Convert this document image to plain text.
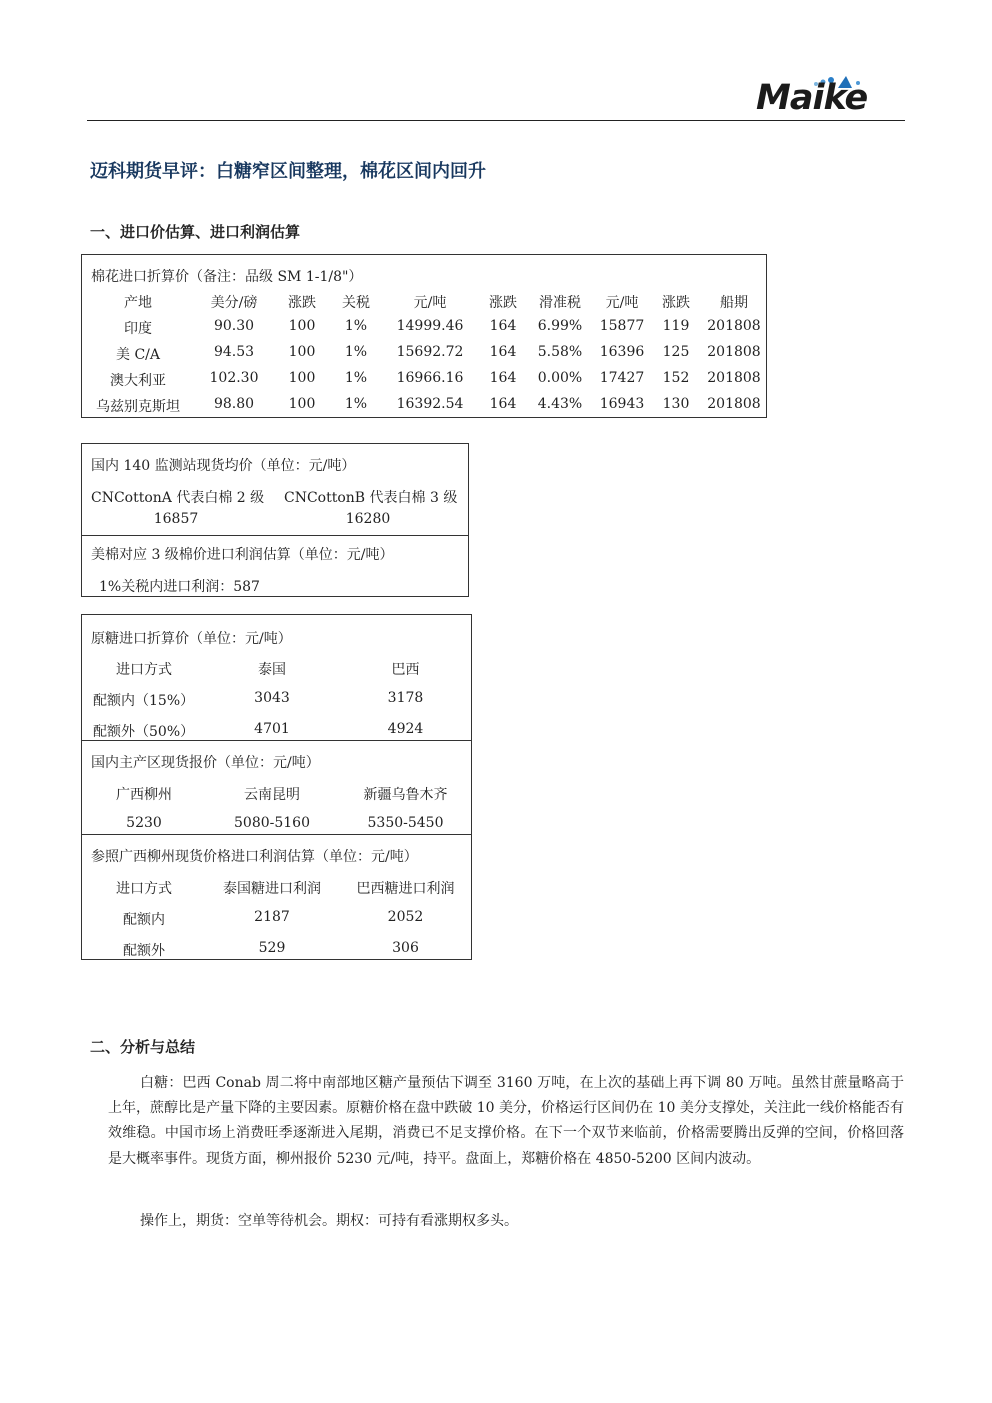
Maike
迈科期货早评：白糖窄区间整理，棉花区间内回升
一、进口价估算、进口利润估算
棉花进口折算价（备注：品级 SM 1-1/8"）
产地	美分/磅	涨跌	关税	元/吨	涨跌	滑准税	元/吨	涨跌	船期
印度	90.30	100	1%	14999.46	164	6.99%	15877	119	201808
美 C/A	94.53	100	1%	15692.72	164	5.58%	16396	125	201808
澳大利亚	102.30	100	1%	16966.16	164	0.00%	17427	152	201808
乌兹别克斯坦	98.80	100	1%	16392.54	164	4.43%	16943	130	201808
国内 140 监测站现货均价（单位：元/吨）
CNCottonA 代表白棉 2 级 CNCottonB 代表白棉 3 级
16857	16280
美棉对应 3 级棉价进口利润估算（单位：元/吨）
1%关税内进口利润：587
原糖进口折算价（单位：元/吨）
进口方式	泰国	巴西
配额内（15%）	3043	3178
配额外（50%）	4701	4924
国内主产区现货报价（单位：元/吨）
广西柳州	云南昆明	新疆乌鲁木齐
5230	5080-5160	5350-5450
参照广西柳州现货价格进口利润估算（单位：元/吨）
进口方式	泰国糖进口利润	巴西糖进口利润
配额内	2187	2052
配额外	529	306
二、分析与总结
白糖：巴西 Conab 周二将中南部地区糖产量预估下调至 3160 万吨，在上次的基础上再下调 80 万吨。虽然甘蔗量略高于上年，蔗醇比是产量下降的主要因素。原糖价格在盘中跌破 10 美分，价格运行区间仍在 10 美分支撑处，关注此一线价格能否有效维稳。中国市场上消费旺季逐渐进入尾期，消费已不足支撑价格。在下一个双节来临前，价格需要腾出反弹的空间，价格回落是大概率事件。现货方面，柳州报价 5230 元/吨，持平。盘面上，郑糖价格在 4850-5200 区间内波动。
操作上，期货：空单等待机会。期权：可持有看涨期权多头。
